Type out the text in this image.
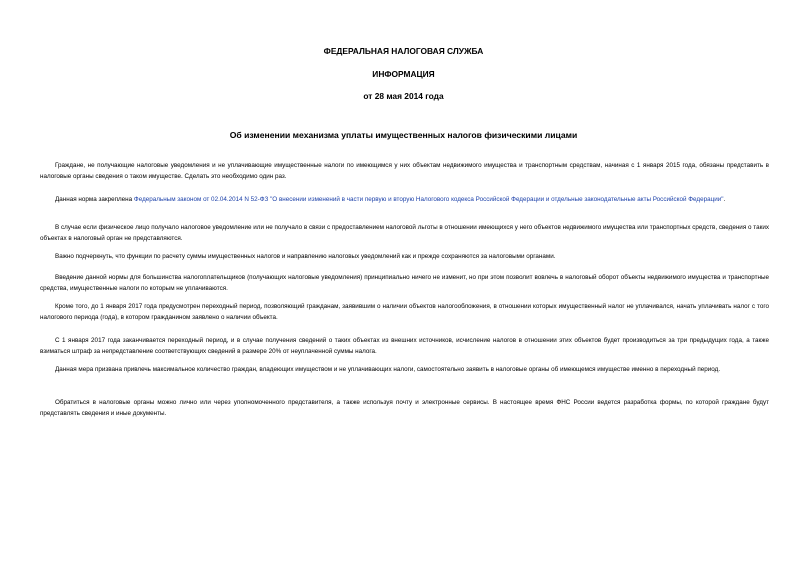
ФЕДЕРАЛЬНАЯ НАЛОГОВАЯ СЛУЖБА
ИНФОРМАЦИЯ
от 28 мая 2014 года
Об изменении механизма уплаты имущественных налогов физическими лицами

Граждане, не получающие налоговые уведомления и не уплачивающие имущественные налоги по имеющимся у них объектам недвижимого имущества и транспортным средствам, начиная с 1 января 2015 года, обязаны представить в налоговые органы сведения о таком имуществе. Сделать это необходимо один раз.

Данная норма закреплена Федеральным законом от 02.04.2014 N 52-ФЗ "О внесении изменений в части первую и вторую Налогового кодекса Российской Федерации и отдельные законодательные акты Российской Федерации".

В случае если физическое лицо получало налоговое уведомление или не получало в связи с предоставлением налоговой льготы в отношении имеющихся у него объектов недвижимого имущества или транспортных средств, сведения о таких объектах в налоговый орган не представляются.

Важно подчеркнуть, что функции по расчету суммы имущественных налогов и направлению налоговых уведомлений как и прежде сохраняются за налоговыми органами.

Введение данной нормы для большинства налогоплательщиков (получающих налоговые уведомления) принципиально ничего не изменит, но при этом позволит вовлечь в налоговый оборот объекты недвижимого имущества и транспортные средства, имущественные налоги по которым не уплачиваются.

Кроме того, до 1 января 2017 года предусмотрен переходный период, позволяющий гражданам, заявившим о наличии объектов налогообложения, в отношении которых имущественный налог не уплачивался, начать уплачивать налог с того налогового периода (года), в котором гражданином заявлено о наличии объекта.

С 1 января 2017 года заканчивается переходный период, и в случае получения сведений о таких объектах из внешних источников, исчисление налогов в отношении этих объектов будет производиться за три предыдущих года, а также взиматься штраф за непредставление соответствующих сведений в размере 20% от неуплаченной суммы налога.

Данная мера призвана привлечь максимальное количество граждан, владеющих имуществом и не уплачивающих налоги, самостоятельно заявить в налоговые органы об имеющемся имуществе именно в переходный период.

Обратиться в налоговые органы можно лично или через уполномоченного представителя, а также используя почту и электронные сервисы. В настоящее время ФНС России ведется разработка формы, по которой граждане будут представлять сведения и иные документы.
